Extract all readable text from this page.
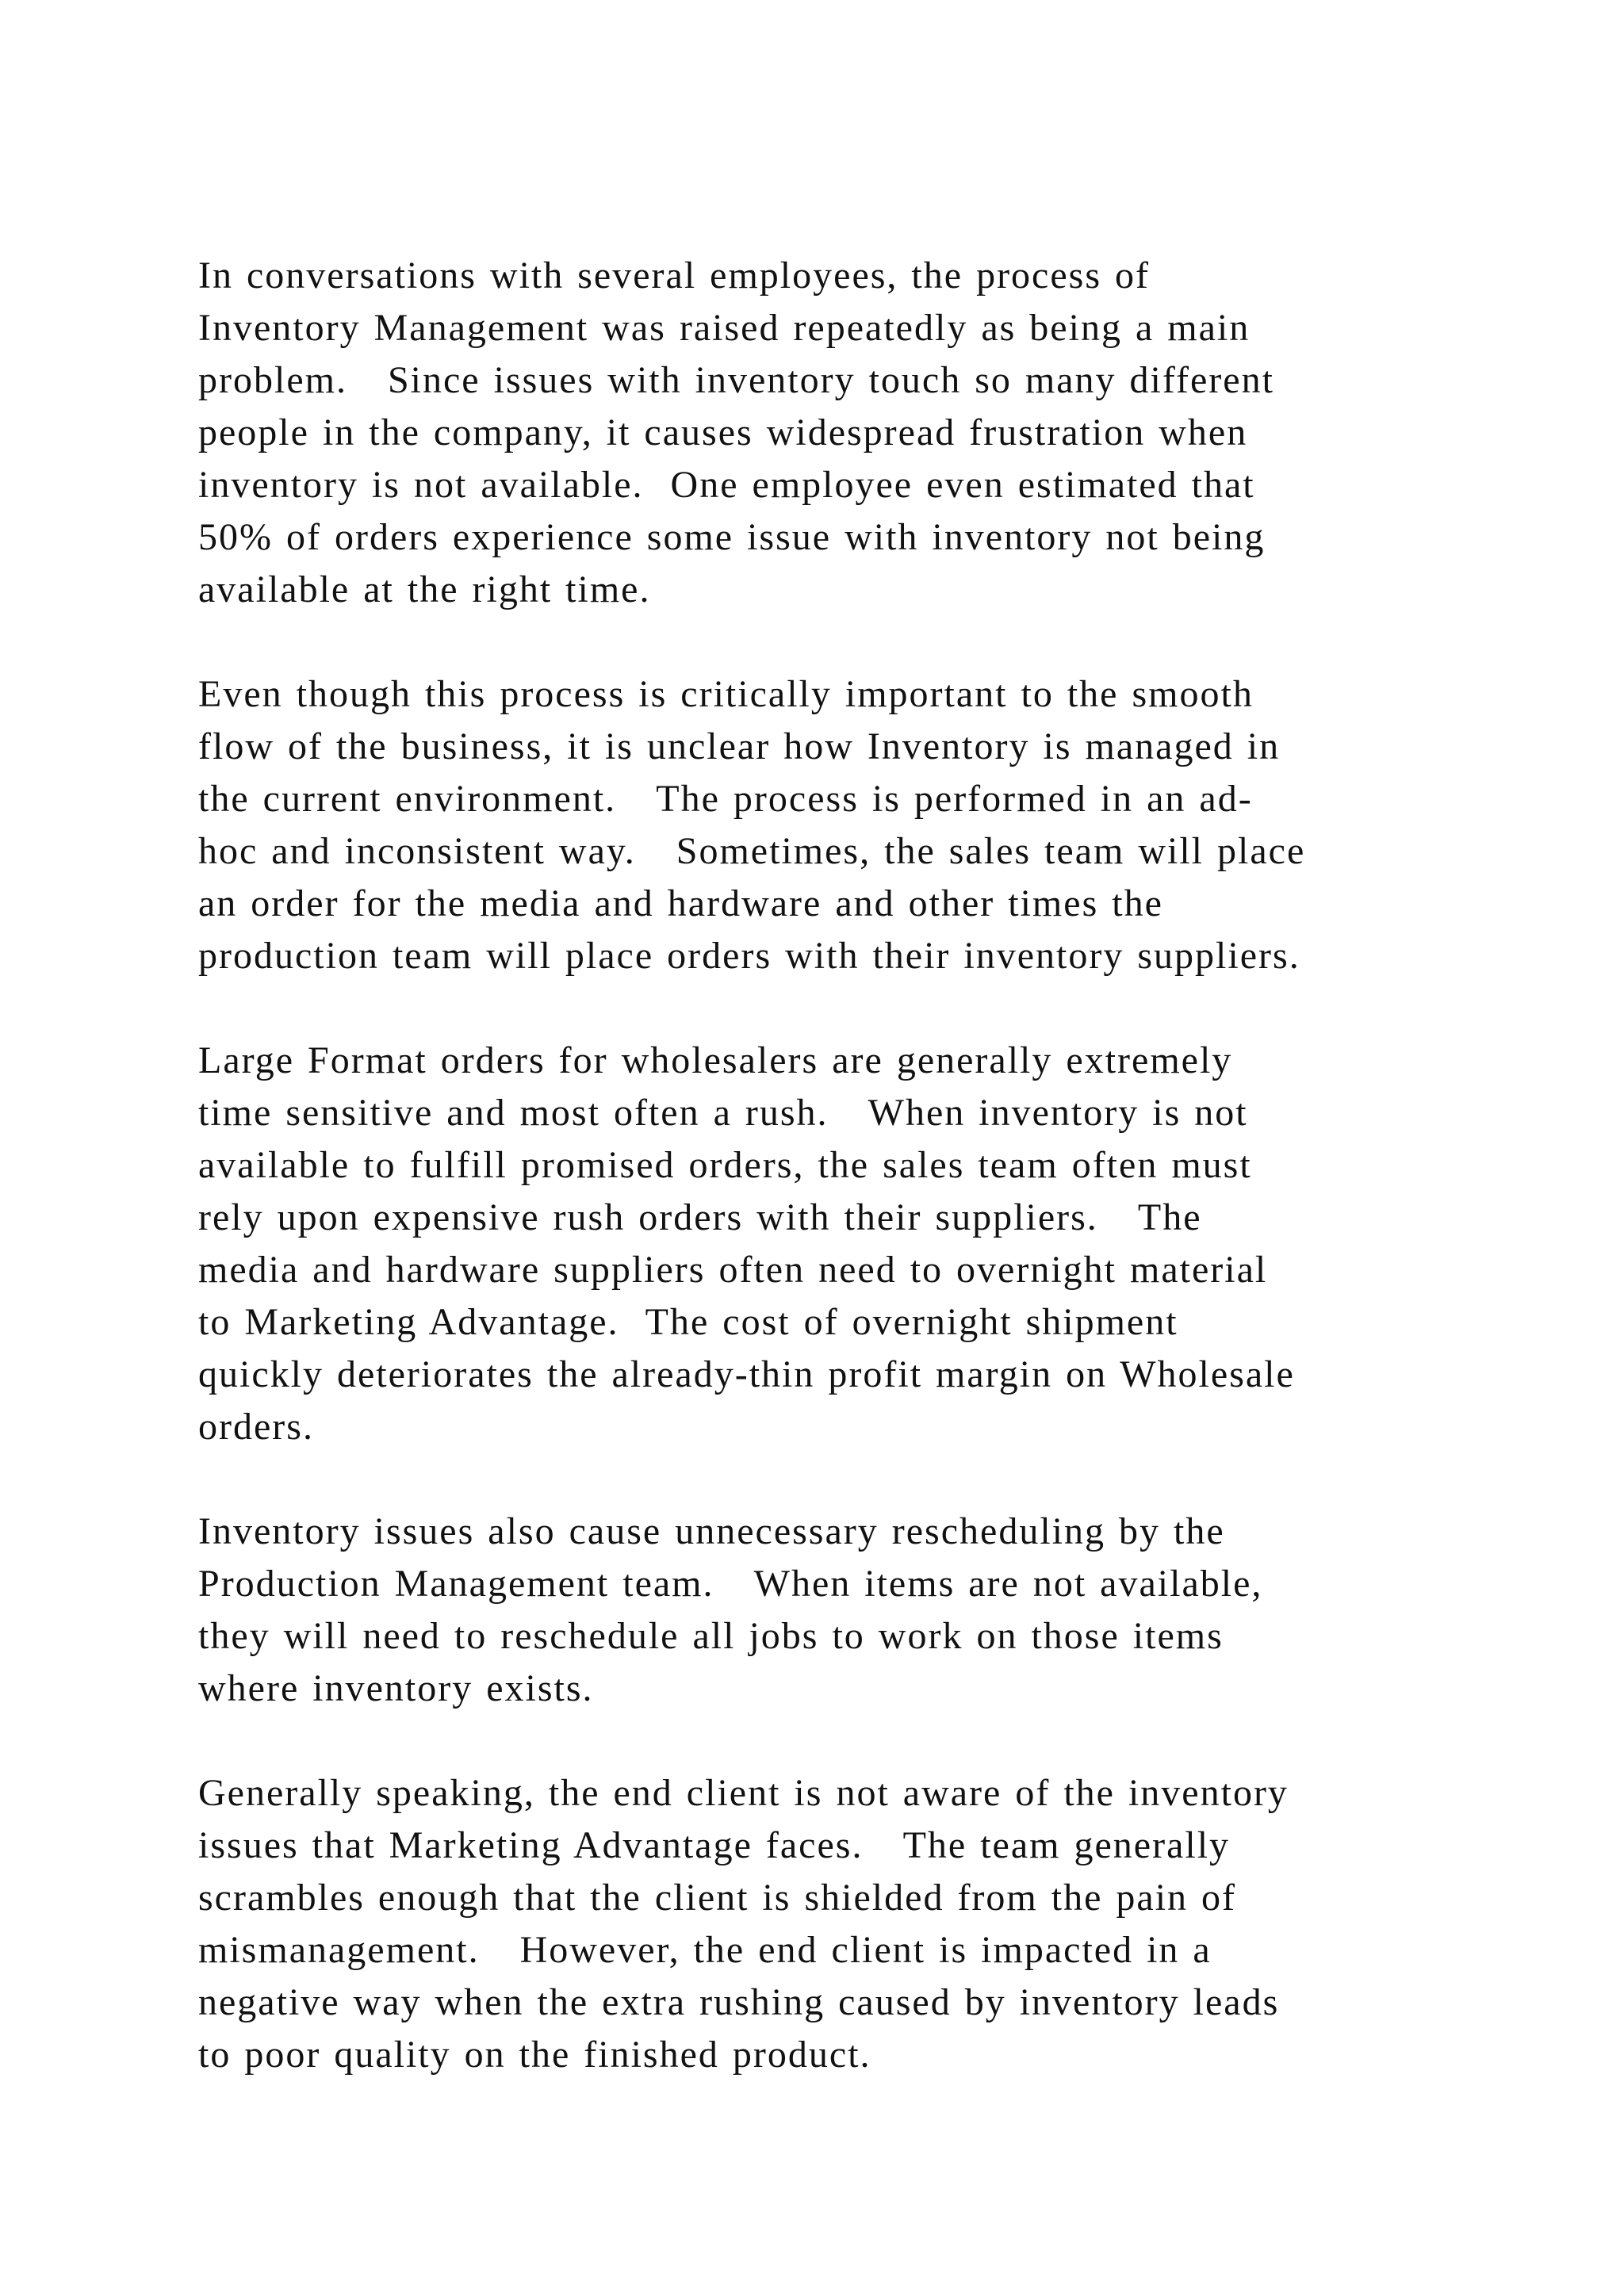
In conversations with several employees, the process of
Inventory Management was raised repeatedly as being a main
problem.   Since issues with inventory touch so many different
people in the company, it causes widespread frustration when
inventory is not available.  One employee even estimated that
50% of orders experience some issue with inventory not being
available at the right time.

Even though this process is critically important to the smooth
flow of the business, it is unclear how Inventory is managed in
the current environment.   The process is performed in an ad-
hoc and inconsistent way.   Sometimes, the sales team will place
an order for the media and hardware and other times the
production team will place orders with their inventory suppliers.

Large Format orders for wholesalers are generally extremely
time sensitive and most often a rush.   When inventory is not
available to fulfill promised orders, the sales team often must
rely upon expensive rush orders with their suppliers.   The
media and hardware suppliers often need to overnight material
to Marketing Advantage.  The cost of overnight shipment
quickly deteriorates the already-thin profit margin on Wholesale
orders.

Inventory issues also cause unnecessary rescheduling by the
Production Management team.   When items are not available,
they will need to reschedule all jobs to work on those items
where inventory exists.

Generally speaking, the end client is not aware of the inventory
issues that Marketing Advantage faces.   The team generally
scrambles enough that the client is shielded from the pain of
mismanagement.   However, the end client is impacted in a
negative way when the extra rushing caused by inventory leads
to poor quality on the finished product.
